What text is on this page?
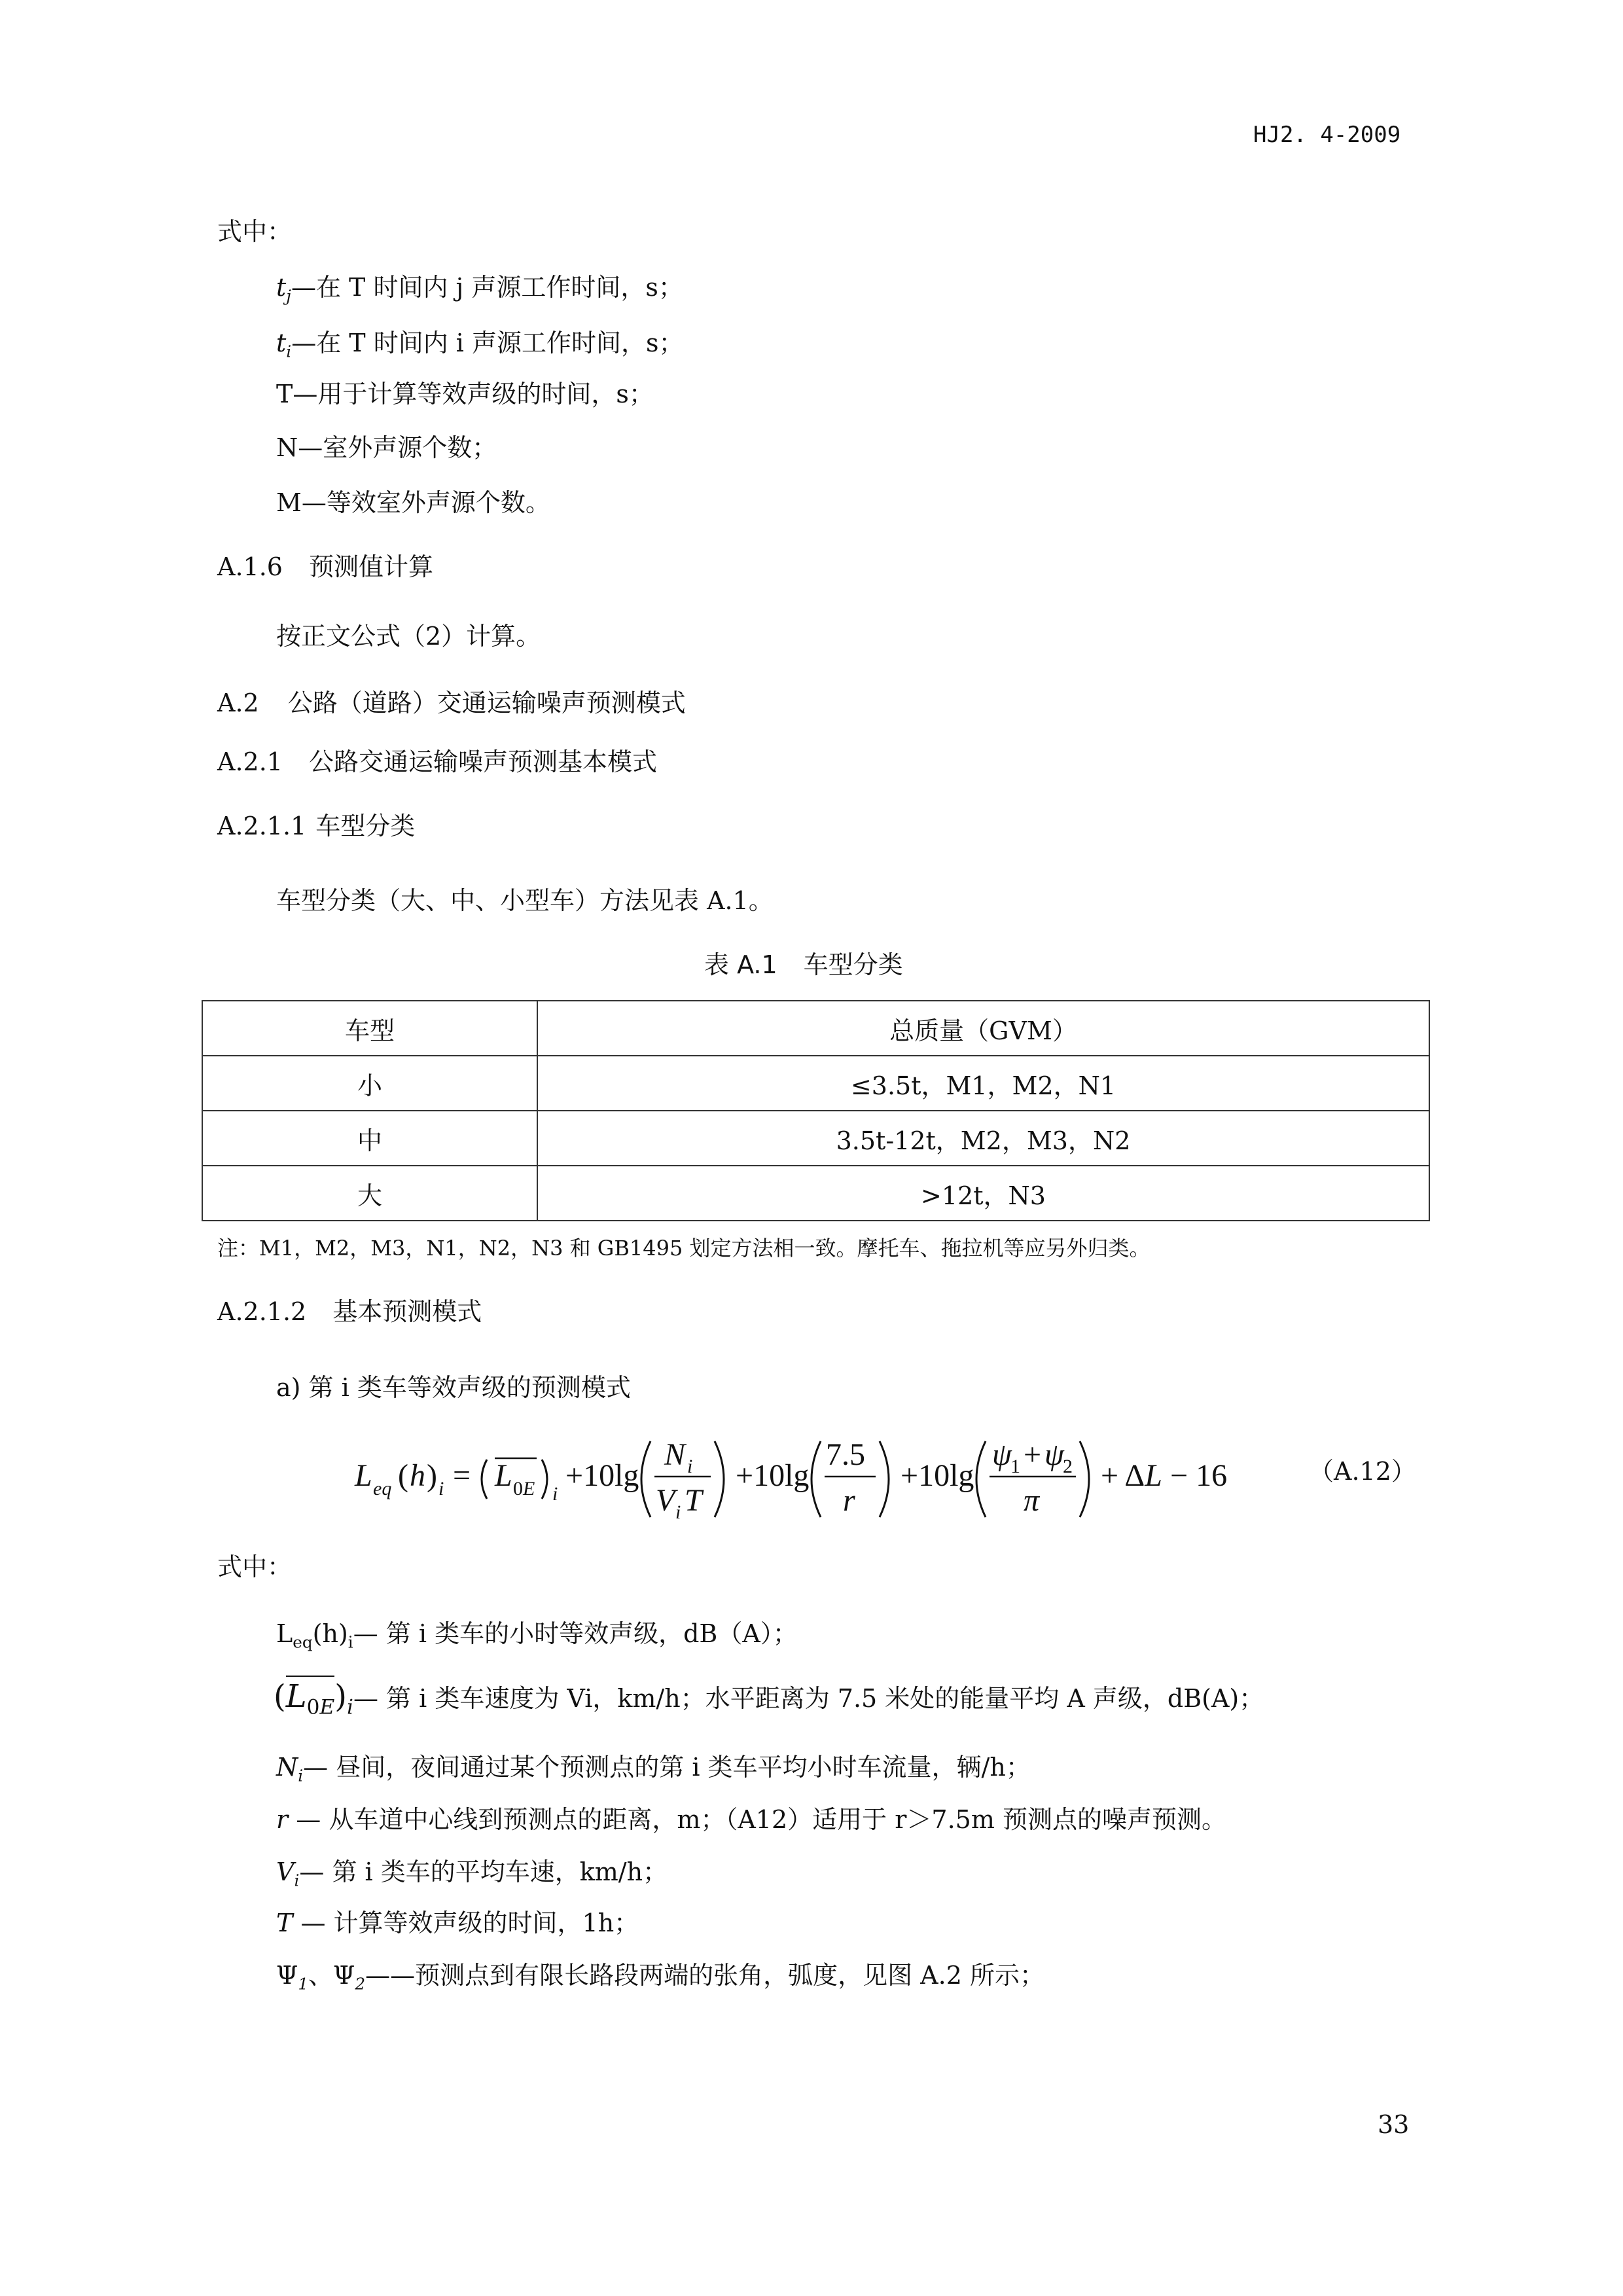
HJ2. 4-2009
式中：
$t_j—$在 T 时间内 j 声源工作时间，s；
$t_i—$在 T 时间内 i 声源工作时间，s；
T—用于计算等效声级的时间，s；
N—室外声源个数；
M—等效室外声源个数。
A.1.6 预测值计算
按正文公式（2）计算。
A.2 公路（道路）交通运输噪声预测模式
A.2.1 公路交通运输噪声预测基本模式
A.2.1.1 车型分类
车型分类（大、中、小型车）方法见表 A.1。
表 A.1 车型分类
车型	总质量（GVM）
小	≤3.5t，M1，M2，N1
中	3.5t-12t，M2，M3，N2
大	>12t，N3
注：M1，M2，M3，N1，N2，N3 和 GB1495 划定方法相一致。摩托车、拖拉机等应另外归类。
A.2.1.2 基本预测模式
a) 第 i 类车等效声级的预测模式
L eq ( h ) i = L 0E i
+10lg
N i
V i T
+10lg
7.5
r
+10lg
ψ
1 + ψ
2
π
+ ΔL − 16	（A.12）
式中：
$L_{eq}(h)_i—$ 第 i 类车的小时等效声级，dB（A）；
$(L_{0E})_i—$ 第 i 类车速度为 Vi，km/h；水平距离为 7.5 米处的能量平均 A 声级，dB(A)；
$N_i—$ 昼间，夜间通过某个预测点的第 i 类车平均小时车流量，辆/h；
r — 从车道中心线到预测点的距离，m；（A12）适用于 r＞7.5m 预测点的噪声预测。
$V_i—$ 第 i 类车的平均车速，km/h；
T — 计算等效声级的时间，1h；
$\Psi_1$、$\Psi_2——$预测点到有限长路段两端的张角，弧度，见图 A.2 所示；
33
